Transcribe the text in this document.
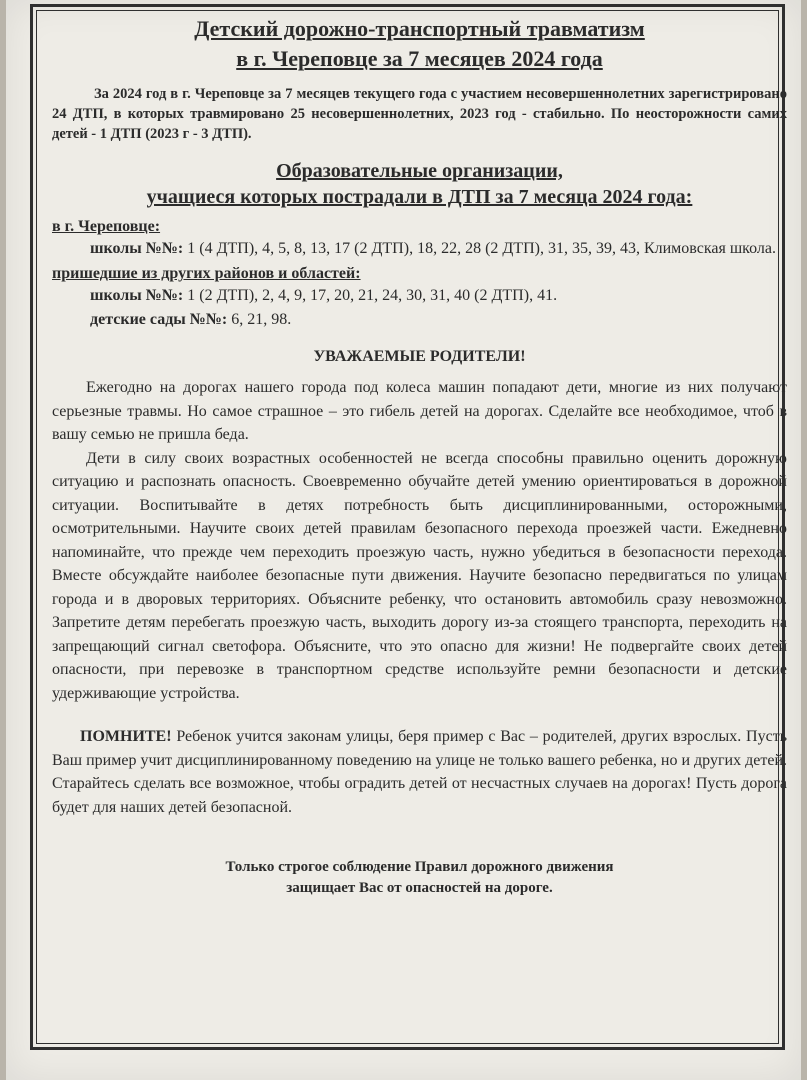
Детский дорожно-транспортный травматизм

в г. Череповце за 7 месяцев 2024 года

За 2024 год в г. Череповце за 7 месяцев текущего года с участием несовершеннолетних зарегистрировано 24 ДТП, в которых травмировано 25 несовершеннолетних, 2023 год - стабильно. По неосторожности самих детей - 1 ДТП (2023 г - 3 ДТП).

Образовательные организации,

учащиеся которых пострадали в ДТП за 7 месяца 2024 года:

в г. Череповце:

школы №№: 1 (4 ДТП), 4, 5, 8, 13, 17 (2 ДТП), 18, 22, 28 (2 ДТП), 31, 35, 39, 43, Климовская школа.

пришедшие из других районов и областей:

школы №№: 1 (2 ДТП), 2, 4, 9, 17, 20, 21, 24, 30, 31, 40 (2 ДТП), 41.

детские сады №№: 6, 21, 98.

УВАЖАЕМЫЕ РОДИТЕЛИ!

Ежегодно на дорогах нашего города под колеса машин попадают дети, многие из них получают серьезные травмы. Но самое страшное – это гибель детей на дорогах. Сделайте все необходимое, чтоб в вашу семью не пришла беда.

Дети в силу своих возрастных особенностей не всегда способны правильно оценить дорожную ситуацию и распознать опасность. Своевременно обучайте детей умению ориентироваться в дорожной ситуации. Воспитывайте в детях потребность быть дисциплинированными, осторожными, осмотрительными. Научите своих детей правилам безопасного перехода проезжей части. Ежедневно напоминайте, что прежде чем переходить проезжую часть, нужно убедиться в безопасности перехода. Вместе обсуждайте наиболее безопасные пути движения. Научите безопасно передвигаться по улицам города и в дворовых территориях. Объясните ребенку, что остановить автомобиль сразу невозможно. Запретите детям перебегать проезжую часть, выходить дорогу из-за стоящего транспорта, переходить на запрещающий сигнал светофора. Объясните, что это опасно для жизни! Не подвергайте своих детей опасности, при перевозке в транспортном средстве используйте ремни безопасности и детские удерживающие устройства.

ПОМНИТЕ! Ребенок учится законам улицы, беря пример с Вас – родителей, других взрослых. Пусть Ваш пример учит дисциплинированному поведению на улице не только вашего ребенка, но и других детей. Старайтесь сделать все возможное, чтобы оградить детей от несчастных случаев на дорогах! Пусть дорога будет для наших детей безопасной.

Только строгое соблюдение Правил дорожного движения

защищает Вас от опасностей на дороге.
